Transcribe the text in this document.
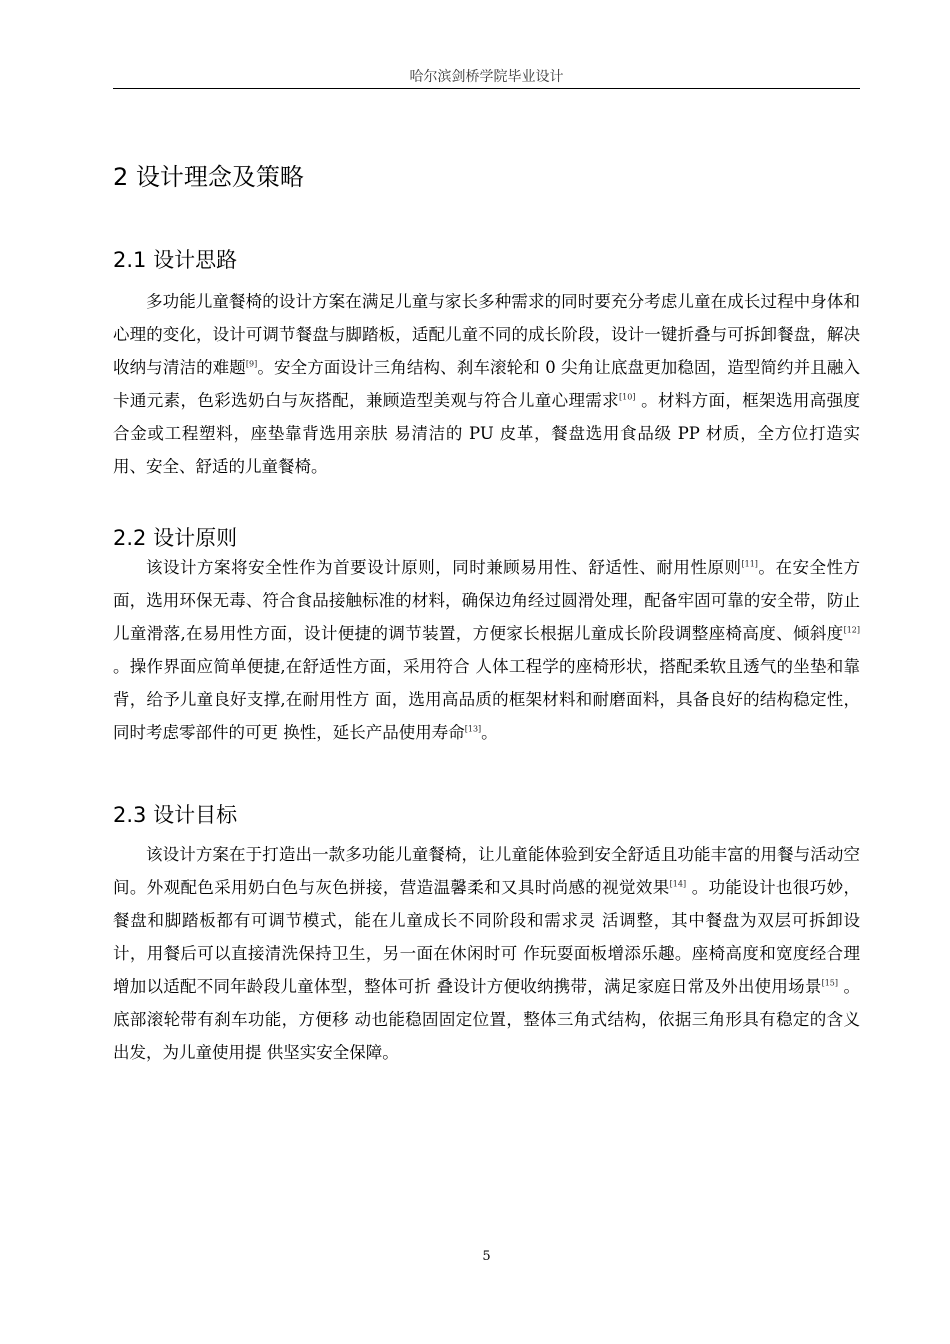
哈尔滨剑桥学院毕业设计
2 设计理念及策略
2.1 设计思路

多功能儿童餐椅的设计方案在满足儿童与家长多种需求的同时要充分考虑儿童在成长过程中身体和心理的变化，设计可调节餐盘与脚踏板，适配儿童不同的成长阶段，设计一键折叠与可拆卸餐盘，解决收纳与清洁的难题[9]。安全方面设计三角结构、刹车滚轮和 0 尖角让底盘更加稳固，造型简约并且融入卡通元素，色彩选奶白与灰搭配，兼顾造型美观与符合儿童心理需求[10] 。材料方面，框架选用高强度合金或工程塑料，座垫靠背选用亲肤 易清洁的 PU 皮革，餐盘选用食品级 PP 材质，全方位打造实用、安全、舒适的儿童餐椅。

2.2 设计原则

该设计方案将安全性作为首要设计原则，同时兼顾易用性、舒适性、耐用性原则[11]。在安全性方面，选用环保无毒、符合食品接触标准的材料，确保边角经过圆滑处理，配备牢固可靠的安全带，防止儿童滑落,在易用性方面，设计便捷的调节装置，方便家长根据儿童成长阶段调整座椅高度、倾斜度[12] 。操作界面应简单便捷,在舒适性方面，采用符合 人体工程学的座椅形状，搭配柔软且透气的坐垫和靠背，给予儿童良好支撑,在耐用性方 面，选用高品质的框架材料和耐磨面料，具备良好的结构稳定性，同时考虑零部件的可更 换性，延长产品使用寿命[13]。

2.3 设计目标

该设计方案在于打造出一款多功能儿童餐椅，让儿童能体验到安全舒适且功能丰富的用餐与活动空间。外观配色采用奶白色与灰色拼接，营造温馨柔和又具时尚感的视觉效果[14] 。功能设计也很巧妙，餐盘和脚踏板都有可调节模式，能在儿童成长不同阶段和需求灵 活调整，其中餐盘为双层可拆卸设计，用餐后可以直接清洗保持卫生，另一面在休闲时可 作玩耍面板增添乐趣。座椅高度和宽度经合理增加以适配不同年龄段儿童体型，整体可折 叠设计方便收纳携带，满足家庭日常及外出使用场景[15] 。底部滚轮带有刹车功能，方便移 动也能稳固固定位置，整体三角式结构，依据三角形具有稳定的含义出发，为儿童使用提 供坚实安全保障。

5
